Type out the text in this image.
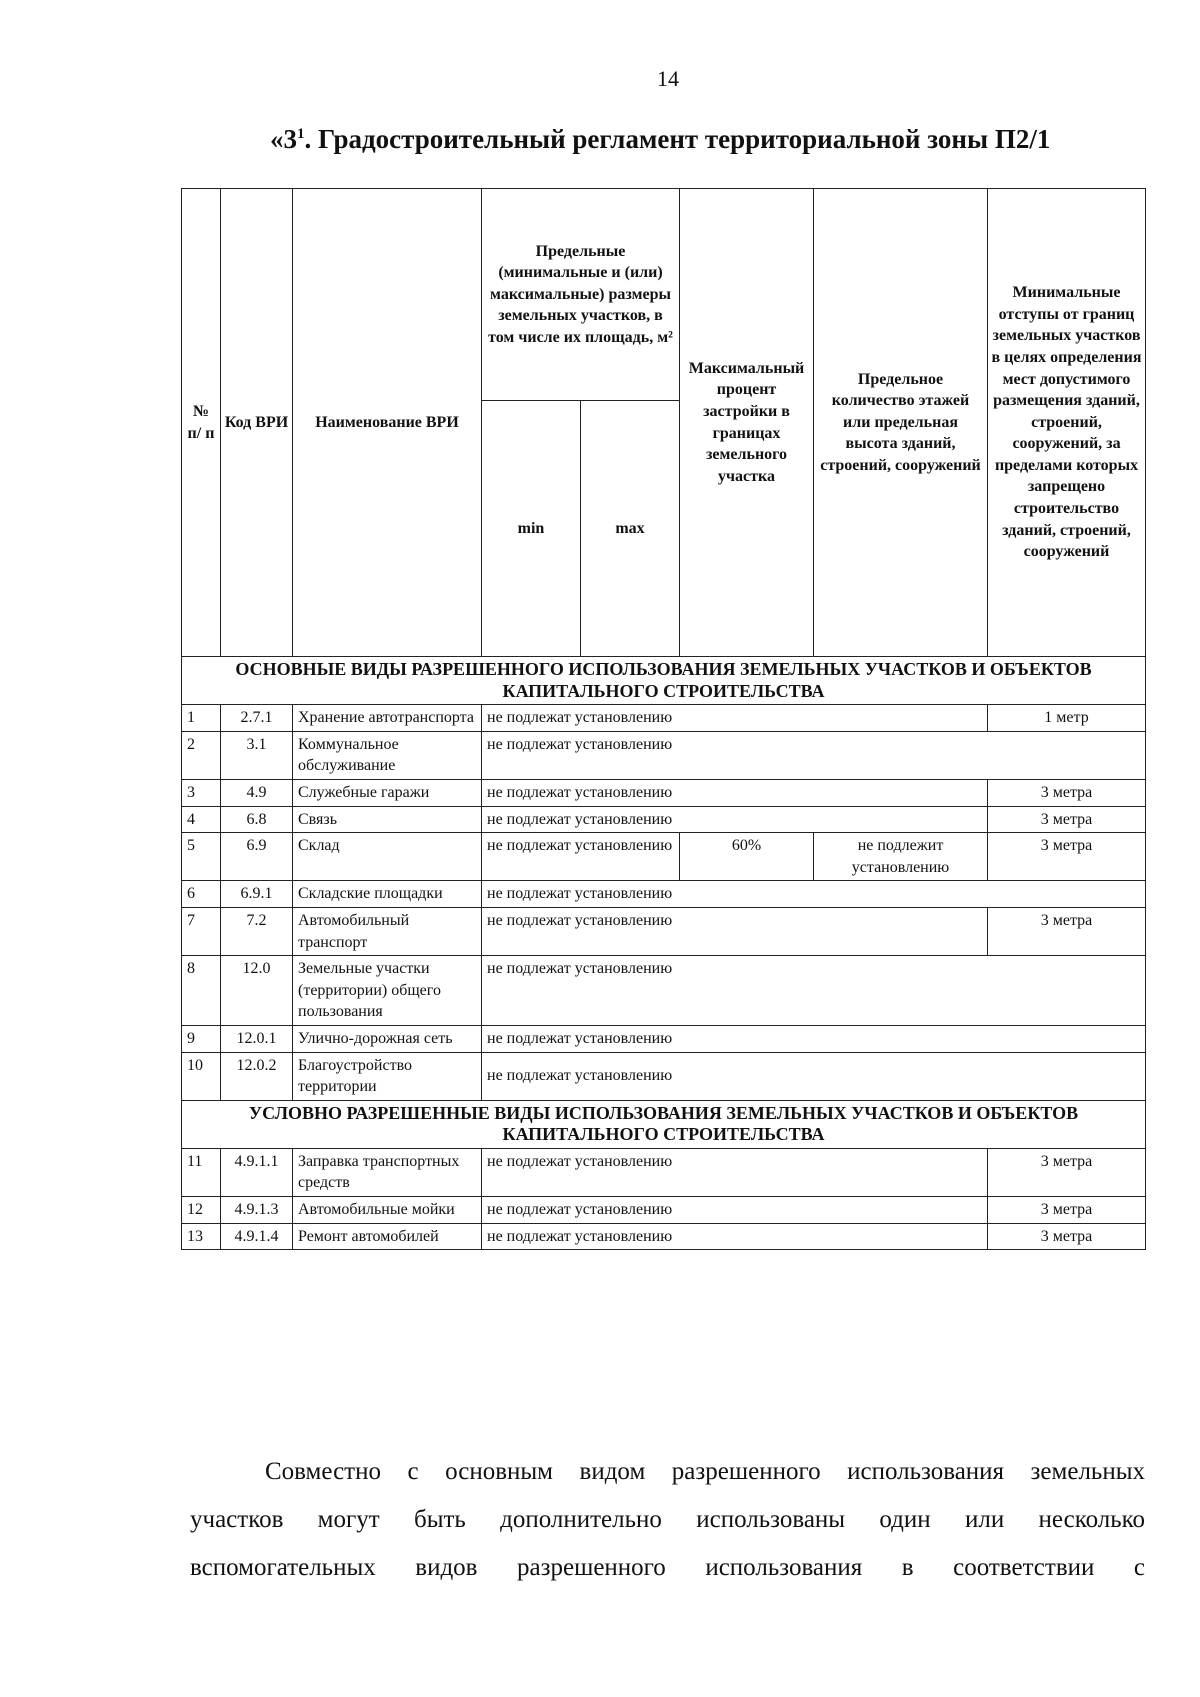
14
«$3^1$. Градостроительный регламент территориальной зоны П2/1
№ п/ п	Код ВРИ	Наименование ВРИ	Предельные (минимальные и (или) максимальные) размеры земельных участков, в том числе их площадь, м²		Максимальный процент застройки в границах земельного участка	Предельное количество этажей или предельная высота зданий, строений, сооружений	Минимальные отступы от границ земельных участков в целях определения мест допустимого размещения зданий, строений, сооружений, за пределами которых запрещено строительство зданий, строений, сооружений
			min	max			
ОСНОВНЫЕ ВИДЫ РАЗРЕШЕННОГО ИСПОЛЬЗОВАНИЯ ЗЕМЕЛЬНЫХ УЧАСТКОВ И ОБЪЕКТОВ КАПИТАЛЬНОГО СТРОИТЕЛЬСТВА							
1	2.7.1	Хранение автотранспорта	не подлежат установлению				1 метр
2	3.1	Коммунальное обслуживание	не подлежат установлению				
3	4.9	Служебные гаражи	не подлежат установлению				3 метра
4	6.8	Связь	не подлежат установлению				3 метра
5	6.9	Склад	не подлежат установлению		60%	не подлежит установлению	3 метра
6	6.9.1	Складские площадки	не подлежат установлению				
7	7.2	Автомобильный транспорт	не подлежат установлению				3 метра
8	12.0	Земельные участки (территории) общего пользования	не подлежат установлению				
9	12.0.1	Улично-дорожная сеть	не подлежат установлению				
10	12.0.2	Благоустройство территории	не подлежат установлению				
УСЛОВНО РАЗРЕШЕННЫЕ ВИДЫ ИСПОЛЬЗОВАНИЯ ЗЕМЕЛЬНЫХ УЧАСТКОВ И ОБЪЕКТОВ КАПИТАЛЬНОГО СТРОИТЕЛЬСТВА							
11	4.9.1.1	Заправка транспортных средств	не подлежат установлению				3 метра
12	4.9.1.3	Автомобильные мойки	не подлежат установлению				3 метра
13	4.9.1.4	Ремонт автомобилей	не подлежат установлению				3 метра

Совместно с основным видом разрешенного использования земельных

участков могут быть дополнительно использованы один или несколько

вспомогательных видов разрешенного использования в соответствии с
